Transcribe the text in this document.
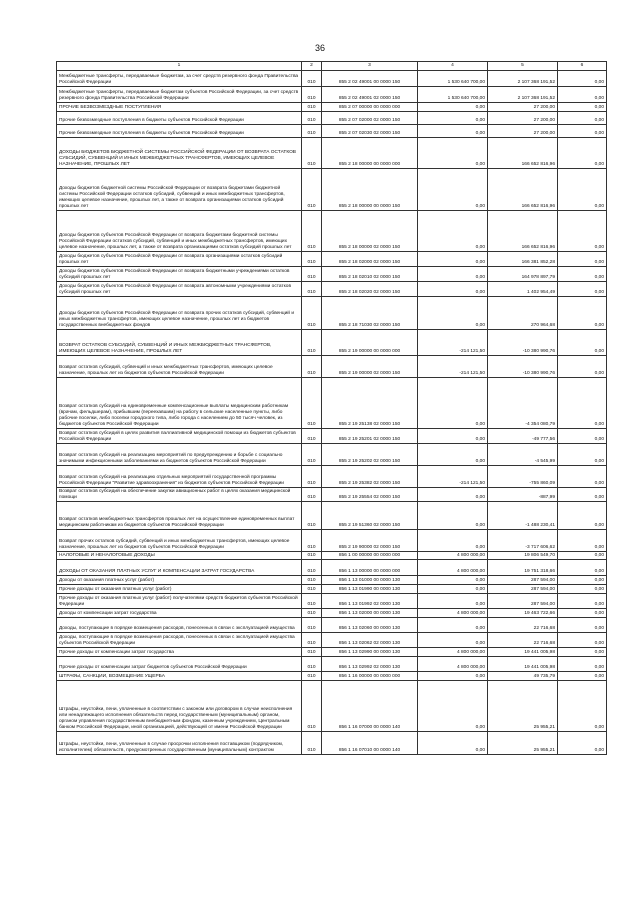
36
1	2	3	4	5	6
Межбюджетные трансферты, передаваемые бюджетам, за счет средств резервного фонда Правительства Российской Федерации	010	855 2 02 49001 00 0000 150	1 530 640 700,00	2 107 368 191,52	0,00
Межбюджетные трансферты, передаваемые бюджетам субъектов Российской Федерации, за счет средств резервного фонда Правительства Российской Федерации	010	855 2 02 49001 02 0000 150	1 530 640 700,00	2 107 368 191,52	0,00
ПРОЧИЕ БЕЗВОЗМЕЗДНЫЕ ПОСТУПЛЕНИЯ	010	855 2 07 00000 00 0000 000	0,00	27 200,00	0,00
Прочие безвозмездные поступления в бюджеты субъектов Российской Федерации	010	855 2 07 02000 02 0000 150	0,00	27 200,00	0,00
Прочие безвозмездные поступления в бюджеты субъектов Российской Федерации	010	855 2 07 02030 02 0000 150	0,00	27 200,00	0,00
ДОХОДЫ БЮДЖЕТОВ БЮДЖЕТНОЙ СИСТЕМЫ РОССИЙСКОЙ ФЕДЕРАЦИИ ОТ ВОЗВРАТА ОСТАТКОВ СУБСИДИЙ, СУБВЕНЦИЙ И ИНЫХ МЕЖБЮДЖЕТНЫХ ТРАНСФЕРТОВ, ИМЕЮЩИХ ЦЕЛЕВОЕ НАЗНАЧЕНИЕ, ПРОШЛЫХ ЛЕТ	010	855 2 18 00000 00 0000 000	0,00	166 652 816,96	0,00
Доходы бюджетов бюджетной системы Российской Федерации от возврата бюджетами бюджетной системы Российской Федерации остатков субсидий, субвенций и иных межбюджетных трансфертов, имеющих целевое назначение, прошлых лет, а также от возврата организациями остатков субсидий прошлых лет	010	855 2 18 00000 00 0000 150	0,00	166 652 816,96	0,00
Доходы бюджетов субъектов Российской Федерации от возврата бюджетами бюджетной системы Российской Федерации остатков субсидий, субвенций и иных межбюджетных трансфертов, имеющих целевое назначение, прошлых лет, а также от возврата организациями остатков субсидий прошлых лет	010	855 2 18 00000 02 0000 150	0,00	166 652 816,96	0,00
Доходы бюджетов субъектов Российской Федерации от возврата организациями остатков субсидий прошлых лет	010	855 2 18 02000 02 0000 150	0,00	166 381 852,28	0,00
Доходы бюджетов субъектов Российской Федерации от возврата бюджетными учреждениями остатков субсидий прошлых лет	010	855 2 18 02010 02 0000 150	0,00	164 978 897,79	0,00
Доходы бюджетов субъектов Российской Федерации от возврата автономными учреждениями остатков субсидий прошлых лет	010	855 2 18 02020 02 0000 150	0,00	1 402 954,49	0,00
Доходы бюджетов субъектов Российской Федерации от возврата прочих остатков субсидий, субвенций и иных межбюджетных трансфертов, имеющих целевое назначение, прошлых лет из бюджетов государственных внебюджетных фондов	010	855 2 18 71030 02 0000 150	0,00	270 964,68	0,00
ВОЗВРАТ ОСТАТКОВ СУБСИДИЙ, СУБВЕНЦИЙ И ИНЫХ МЕЖБЮДЖЕТНЫХ ТРАНСФЕРТОВ, ИМЕЮЩИХ ЦЕЛЕВОЕ НАЗНАЧЕНИЕ, ПРОШЛЫХ ЛЕТ	010	855 2 19 00000 00 0000 000	-214 121,50	-10 380 990,76	0,00
Возврат остатков субсидий, субвенций и иных межбюджетных трансфертов, имеющих целевое назначение, прошлых лет из бюджетов субъектов Российской Федерации	010	855 2 19 00000 02 0000 150	-214 121,50	-10 380 990,76	0,00
Возврат остатков субсидий на единовременные компенсационные выплаты медицинским работникам (врачам, фельдшерам), прибывшим (переехавшим) на работу в сельские населенные пункты, либо рабочие поселки, либо поселки городского типа, либо города с населением до 50 тысяч человек, из бюджетов субъектов Российской Федерации	010	855 2 19 25138 02 0000 150	0,00	-4 354 080,79	0,00
Возврат остатков субсидий в целях развития паллиативной медицинской помощи из бюджетов субъектов Российской Федерации	010	855 2 19 25201 02 0000 150	0,00	-49 777,56	0,00
Возврат остатков субсидий на реализацию мероприятий по предупреждению и борьбе с социально значимыми инфекционными заболеваниями из бюджетов субъектов Российской Федерации	010	855 2 19 25202 02 0000 150	0,00	-4 545,99	0,00
Возврат остатков субсидий на реализацию отдельных мероприятий государственной программы Российской Федерации "Развитие здравоохранения" из бюджетов субъектов Российской Федерации	010	855 2 19 25382 02 0000 150	-214 121,50	-755 860,09	0,00
Возврат остатков субсидий на обеспечение закупки авиационных работ в целях оказания медицинской помощи	010	855 2 19 25554 02 0000 150	0,00	-887,99	0,00
Возврат остатков межбюджетных трансфертов прошлых лет на осуществление единовременных выплат медицинским работникам из бюджетов субъектов Российской Федерации	010	855 2 19 51360 02 0000 150	0,00	-1 488 230,41	0,00
Возврат прочих остатков субсидий, субвенций и иных межбюджетных трансфертов, имеющих целевое назначение, прошлых лет из бюджетов субъектов Российской Федерации	010	855 2 19 90000 02 0000 150	0,00	-3 717 606,62	0,00
НАЛОГОВЫЕ И НЕНАЛОГОВЫЕ ДОХОДЫ	010	856 1 00 00000 00 0000 000	4 800 000,00	19 806 549,70	0,00
ДОХОДЫ ОТ ОКАЗАНИЯ ПЛАТНЫХ УСЛУГ И КОМПЕНСАЦИИ ЗАТРАТ ГОСУДАРСТВА	010	856 1 13 00000 00 0000 000	4 800 000,00	19 751 318,66	0,00
Доходы от оказания платных услуг (работ)	010	856 1 13 01000 00 0000 130	0,00	287 594,00	0,00
Прочие доходы от оказания платных услуг (работ)	010	856 1 13 01990 00 0000 130	0,00	287 594,00	0,00
Прочие доходы от оказания платных услуг (работ) получателями средств бюджетов субъектов Российской Федерации	010	856 1 13 01992 02 0000 130	0,00	287 594,00	0,00
Доходы от компенсации затрат государства	010	856 1 13 02000 00 0000 130	4 800 000,00	19 463 722,66	0,00
Доходы, поступающие в порядке возмещения расходов, понесенных в связи с эксплуатацией имущества	010	856 1 13 02060 00 0000 130	0,00	22 716,68	0,00
Доходы, поступающие в порядке возмещения расходов, понесенных в связи с эксплуатацией имущества субъектов Российской Федерации	010	856 1 13 02062 02 0000 130	0,00	22 716,68	0,00
Прочие доходы от компенсации затрат государства	010	856 1 13 02990 00 0000 130	4 800 000,00	19 441 005,98	0,00
Прочие доходы от компенсации затрат бюджетов субъектов Российской Федерации	010	856 1 13 02992 02 0000 130	4 800 000,00	19 441 005,98	0,00
ШТРАФЫ, САНКЦИИ, ВОЗМЕЩЕНИЕ УЩЕРБА	010	856 1 16 00000 00 0000 000	0,00	49 735,79	0,00
Штрафы, неустойки, пени, уплаченные в соответствии с законом или договором в случае неисполнения или ненадлежащего исполнения обязательств перед государственным (муниципальным) органом, органом управления государственным внебюджетным фондом, казенным учреждением, Центральным банком Российской Федерации, иной организацией, действующей от имени Российской Федерации	010	856 1 16 07000 00 0000 140	0,00	25 955,21	0,00
Штрафы, неустойки, пени, уплаченные в случае просрочки исполнения поставщиком (подрядчиком, исполнителем) обязательств, предусмотренных государственным (муниципальным) контрактом	010	856 1 16 07010 00 0000 140	0,00	25 955,21	0,00
